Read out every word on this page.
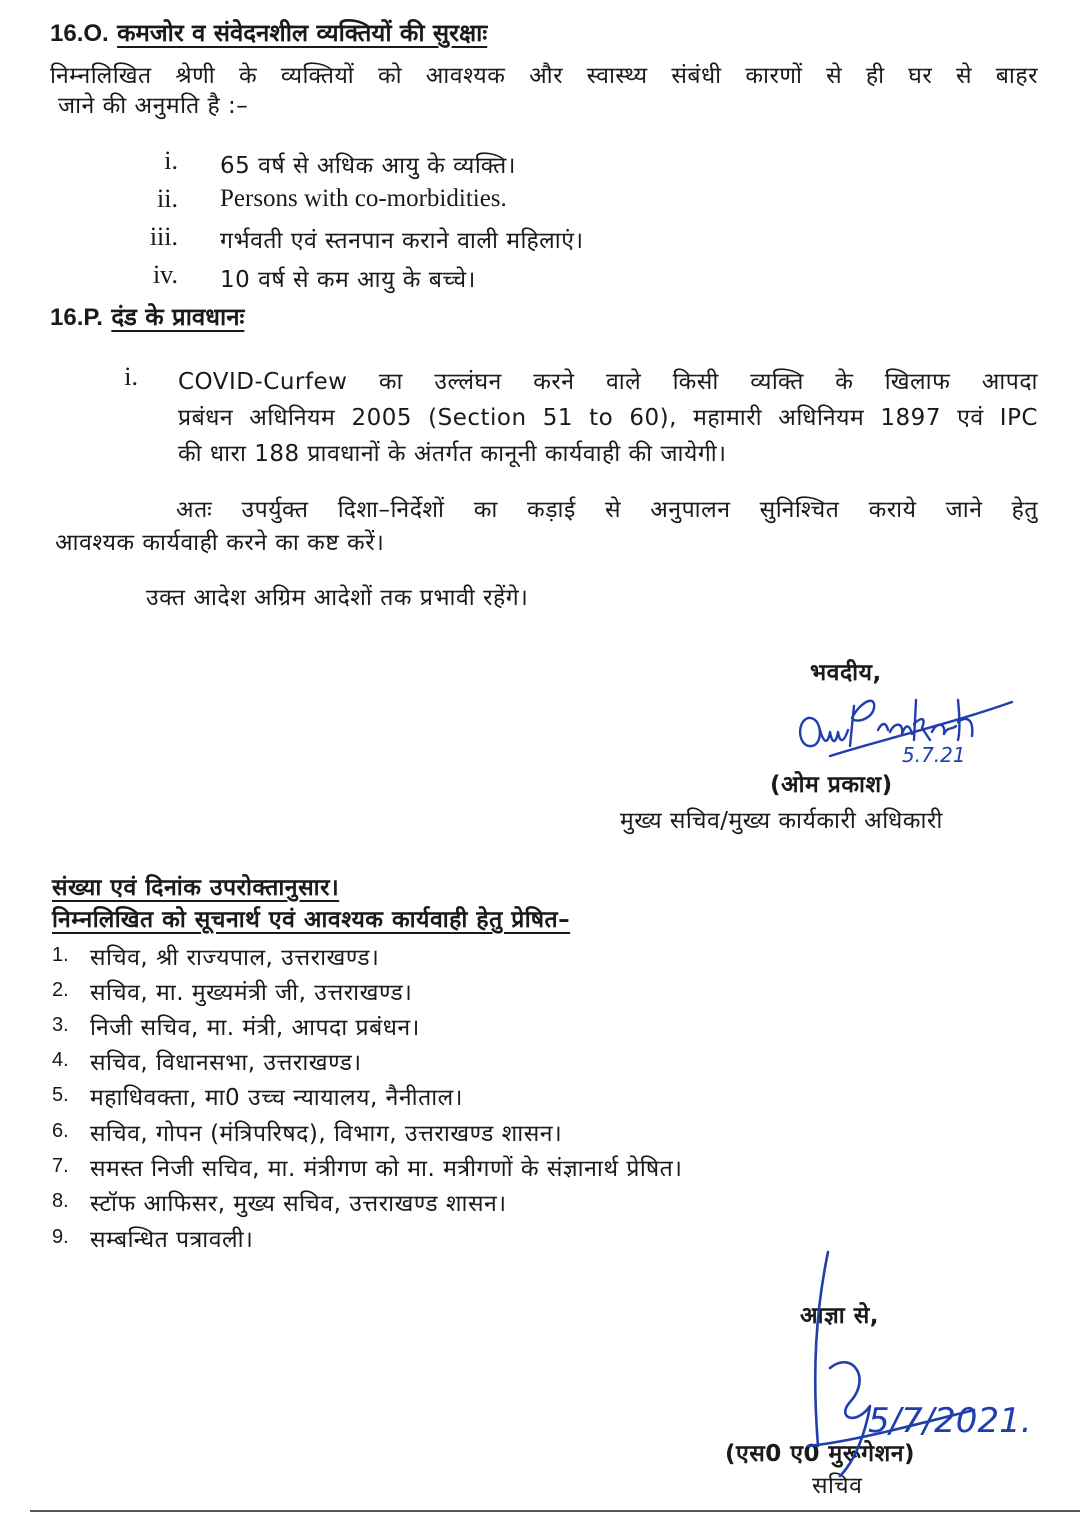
16.O. कमजोर व संवेदनशील व्यक्तियों की सुरक्षाः
निम्नलिखित श्रेणी के व्यक्तियों को आवश्यक और स्वास्थ्य संबंधी कारणों से ही घर से बाहर
जाने की अनुमति है :–
i. 65 वर्ष से अधिक आयु के व्यक्ति।
ii. Persons with co-morbidities.
iii. गर्भवती एवं स्तनपान कराने वाली महिलाएं।
iv. 10 वर्ष से कम आयु के बच्चे।
16.P. दंड के प्रावधानः
i. COVID-Curfew का उल्लंघन करने वाले किसी व्यक्ति के खिलाफ आपदा
प्रबंधन अधिनियम 2005 (Section 51 to 60), महामारी अधिनियम 1897 एवं IPC
की धारा 188 प्रावधानों के अंतर्गत कानूनी कार्यवाही की जायेगी।
अतः उपर्युक्त दिशा–निर्देशों का कड़ाई से अनुपालन सुनिश्चित कराये जाने हेतु
आवश्यक कार्यवाही करने का कष्ट करें।
उक्त आदेश अग्रिम आदेशों तक प्रभावी रहेंगे।
भवदीय,
5.7.21
(ओम प्रकाश)
मुख्य सचिव/मुख्य कार्यकारी अधिकारी
संख्या एवं दिनांक उपरोक्तानुसार।
निम्नलिखित को सूचनार्थ एवं आवश्यक कार्यवाही हेतु प्रेषित–
1. सचिव, श्री राज्यपाल, उत्तराखण्ड।
2. सचिव, मा. मुख्यमंत्री जी, उत्तराखण्ड।
3. निजी सचिव, मा. मंत्री, आपदा प्रबंधन।
4. सचिव, विधानसभा, उत्तराखण्ड।
5. महाधिवक्ता, मा0 उच्च न्यायालय, नैनीताल।
6. सचिव, गोपन (मंत्रिपरिषद), विभाग, उत्तराखण्ड शासन।
7. समस्त निजी सचिव, मा. मंत्रीगण को मा. मत्रीगणों के संज्ञानार्थ प्रेषित।
8. स्टॉफ आफिसर, मुख्य सचिव, उत्तराखण्ड शासन।
9. सम्बन्धित पत्रावली।
आज्ञा से,
(एस0 ए0 मुरूगेशन)
सचिव
5/7/2021.
